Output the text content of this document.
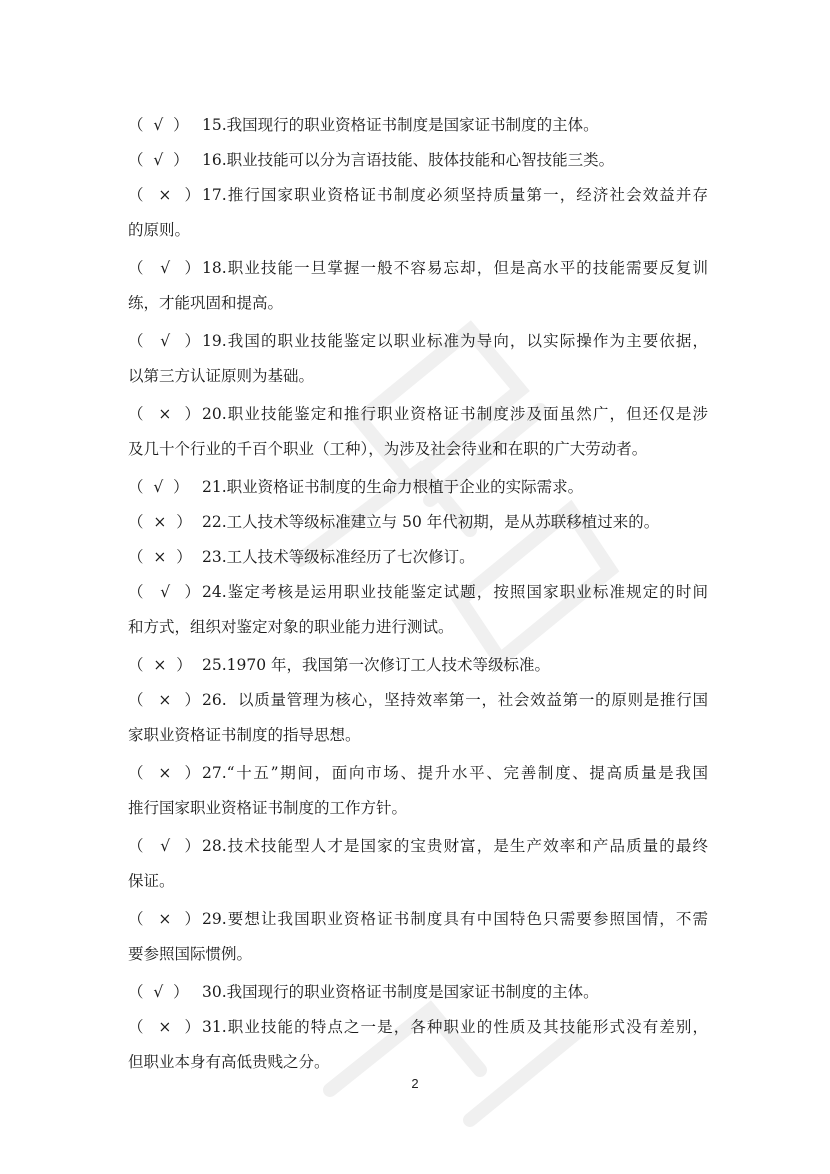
（  √  ） 15.我国现行的职业资格证书制度是国家证书制度的主体。
（  √  ） 16.职业技能可以分为言语技能、肢体技能和心智技能三类。
（  ×  ） 17.推行国家职业资格证书制度必须坚持质量第一，经济社会效益并存
的原则。
（  √  ） 18.职业技能一旦掌握一般不容易忘却，但是高水平的技能需要反复训
练，才能巩固和提高。
（  √  ） 19.我国的职业技能鉴定以职业标准为导向，以实际操作为主要依据，
以第三方认证原则为基础。
（  ×  ） 20.职业技能鉴定和推行职业资格证书制度涉及面虽然广，但还仅是涉
及几十个行业的千百个职业（工种），为涉及社会待业和在职的广大劳动者。
（  √  ） 21.职业资格证书制度的生命力根植于企业的实际需求。
（  ×  ） 22.工人技术等级标准建立与 50 年代初期，是从苏联移植过来的。
（  ×  ） 23.工人技术等级标准经历了七次修订。
（  √  ） 24.鉴定考核是运用职业技能鉴定试题，按照国家职业标准规定的时间
和方式，组织对鉴定对象的职业能力进行测试。
（  ×  ） 25.1970 年，我国第一次修订工人技术等级标准。
（  ×  ） 26.  以质量管理为核心，坚持效率第一，社会效益第一的原则是推行国
家职业资格证书制度的指导思想。
（  ×  ） 27.“十五”期间，面向市场、提升水平、完善制度、提高质量是我国
推行国家职业资格证书制度的工作方针。
（  √  ） 28.技术技能型人才是国家的宝贵财富，是生产效率和产品质量的最终
保证。
（  ×  ） 29.要想让我国职业资格证书制度具有中国特色只需要参照国情，不需
要参照国际惯例。
（  √  ） 30.我国现行的职业资格证书制度是国家证书制度的主体。
（  ×  ） 31.职业技能的特点之一是，各种职业的性质及其技能形式没有差别，
但职业本身有高低贵贱之分。
2
